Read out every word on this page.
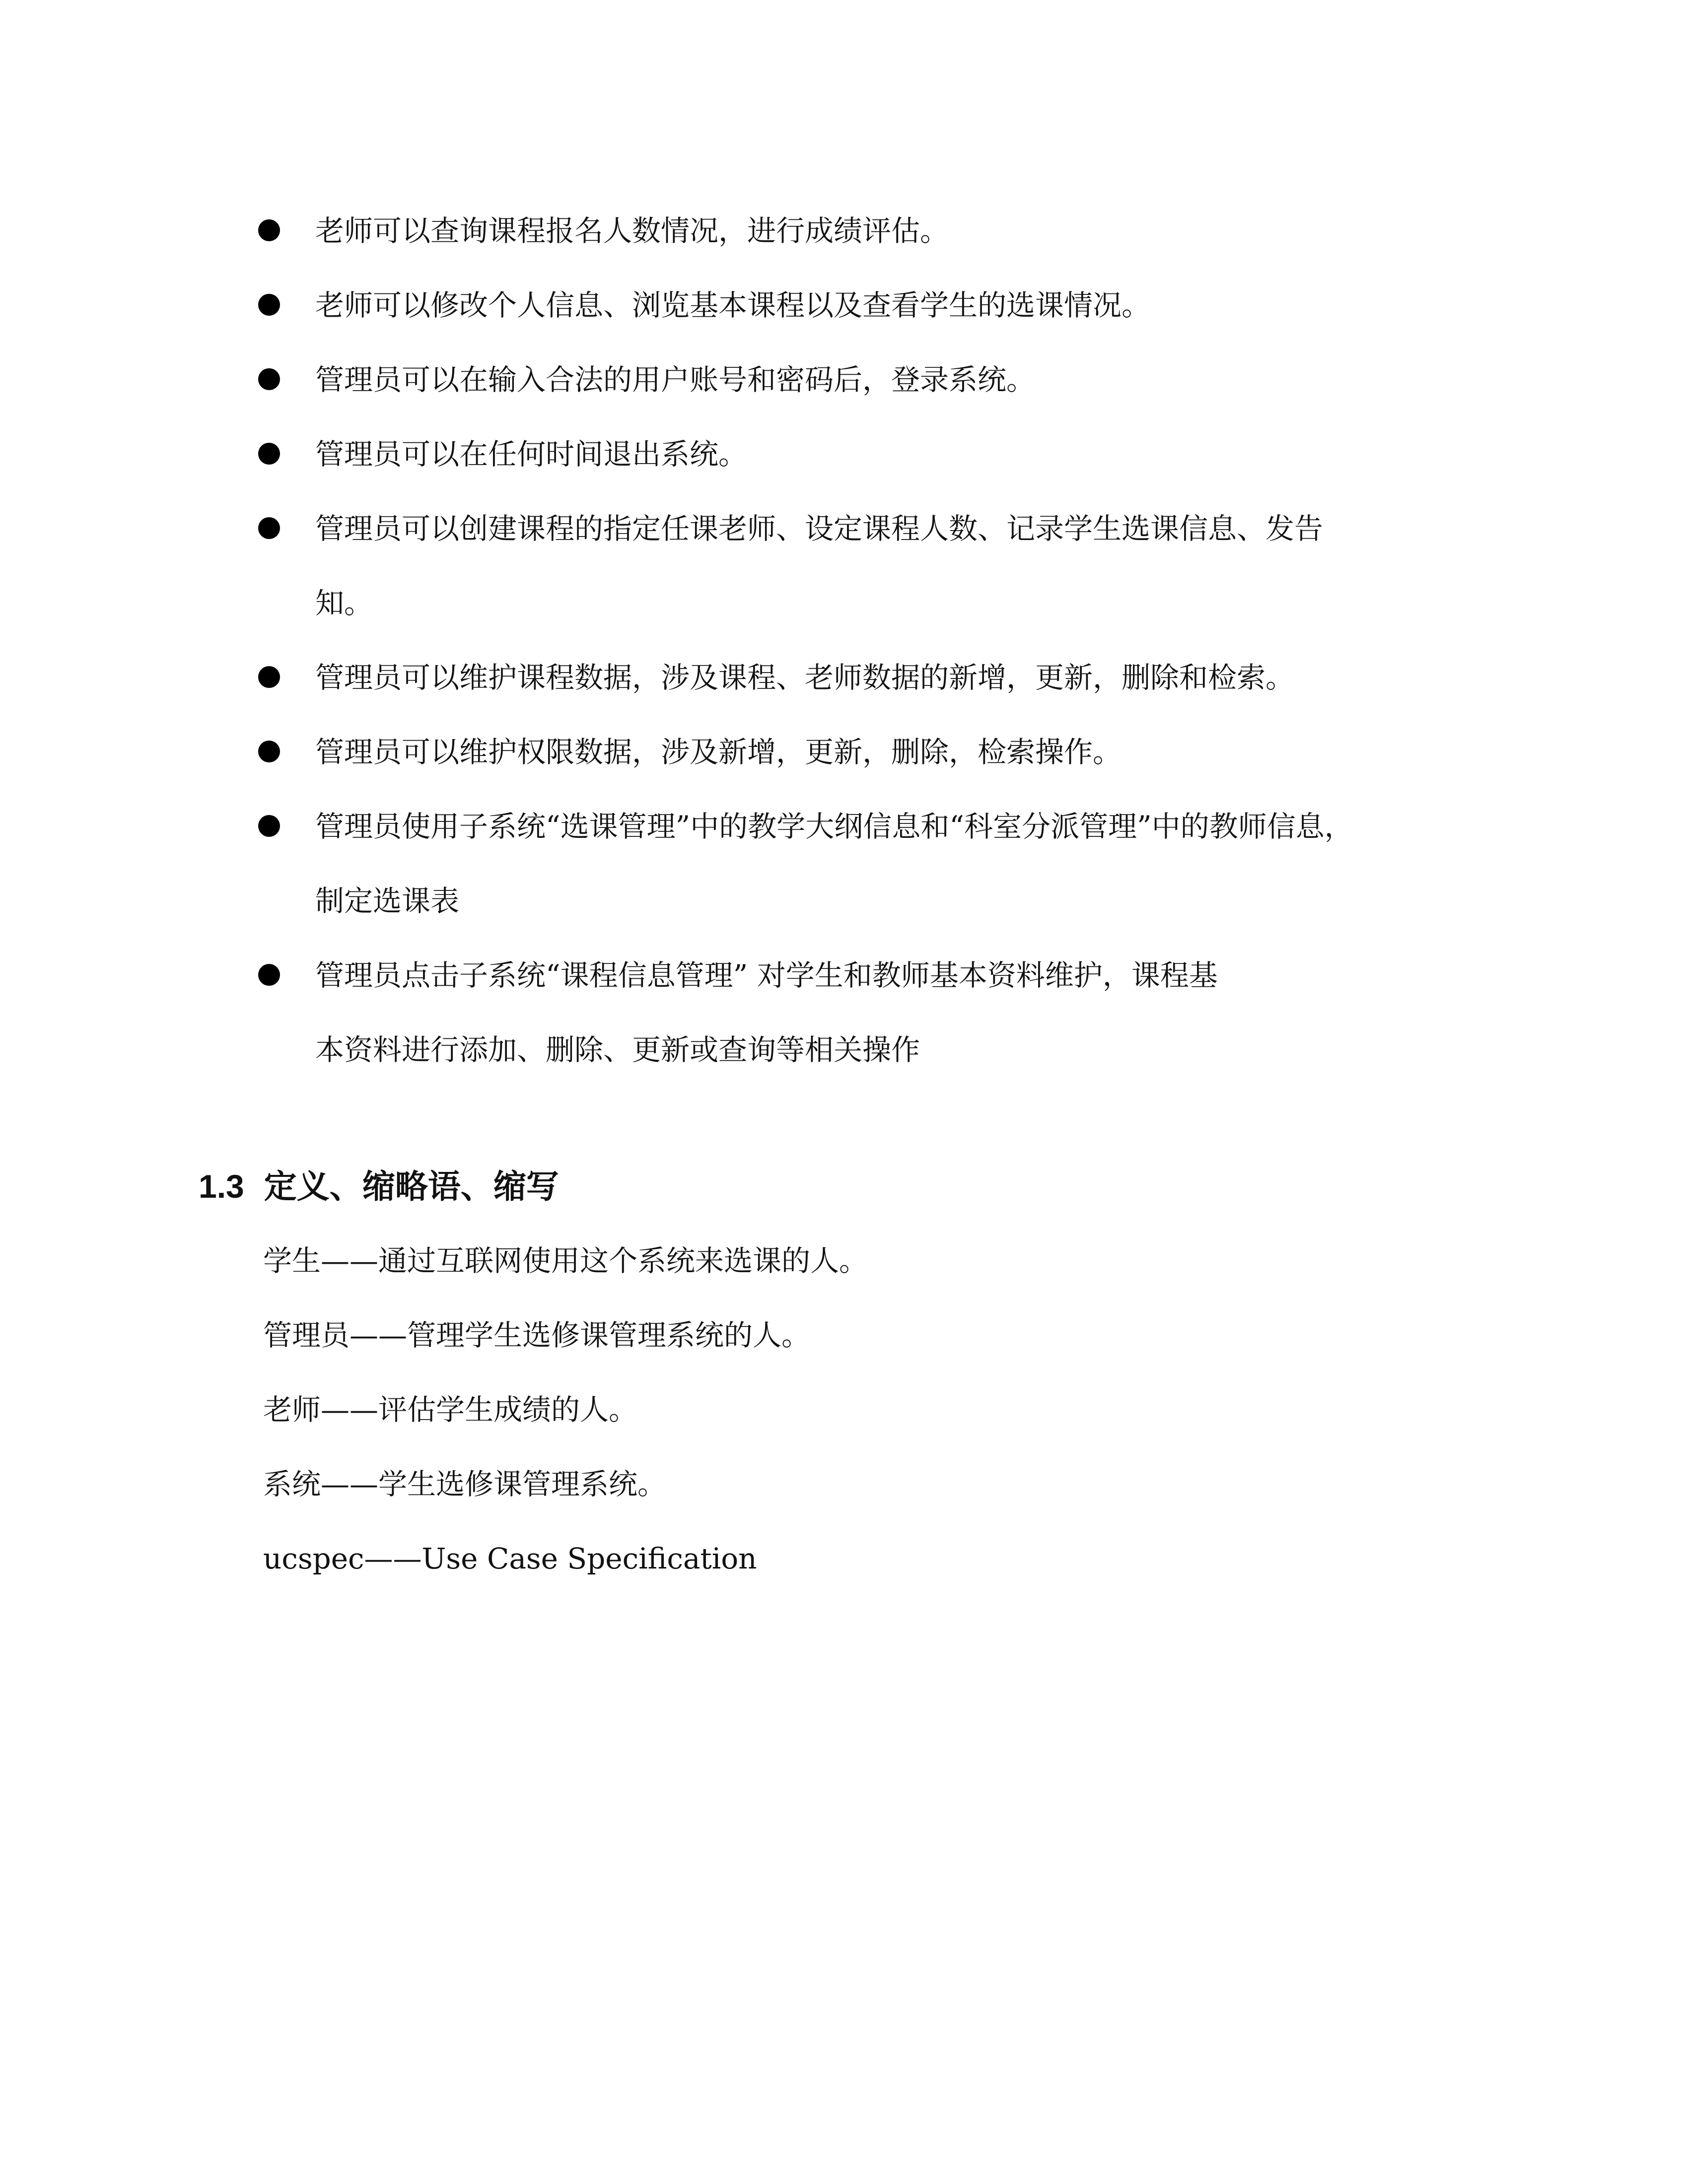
老师可以查询课程报名人数情况，进行成绩评估。
老师可以修改个人信息、浏览基本课程以及查看学生的选课情况。
管理员可以在输入合法的用户账号和密码后，登录系统。
管理员可以在任何时间退出系统。
管理员可以创建课程的指定任课老师、设定课程人数、记录学生选课信息、发告
知。
管理员可以维护课程数据，涉及课程、老师数据的新增，更新，删除和检索。
管理员可以维护权限数据，涉及新增，更新，删除，检索操作。
管理员使用子系统“选课管理”中的教学大纲信息和“科室分派管理”中的教师信息，
制定选课表
管理员点击子系统“课程信息管理” 对学生和教师基本资料维护，课程基
本资料进行添加、删除、更新或查询等相关操作
1.3 定义、缩略语、缩写
学生——通过互联网使用这个系统来选课的人。
管理员——管理学生选修课管理系统的人。
老师——评估学生成绩的人。
系统——学生选修课管理系统。
ucspec——Use Case Specification
